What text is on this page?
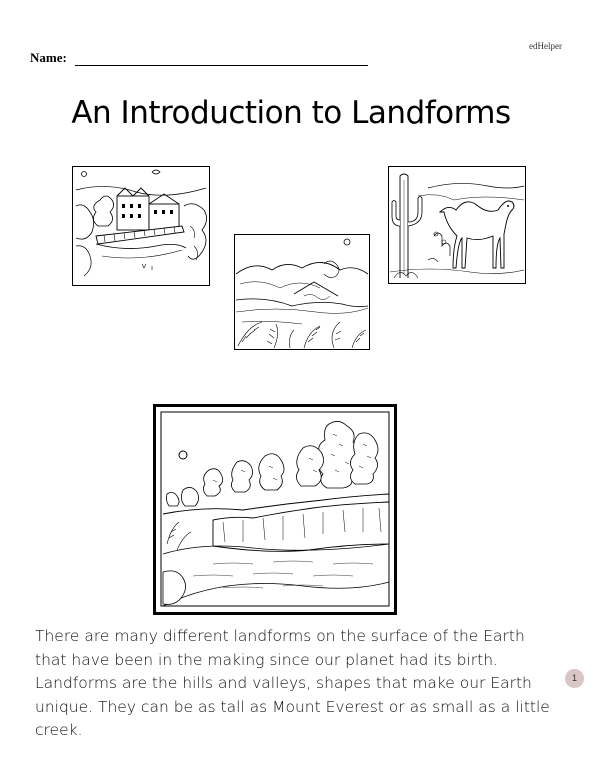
edHelper
Name:
An Introduction to Landforms

There are many different landforms on the surface of the Earth that have been in the making since our planet had its birth. Landforms are the hills and valleys, shapes that make our Earth unique. They can be as tall as Mount Everest or as small as a little creek.

1
